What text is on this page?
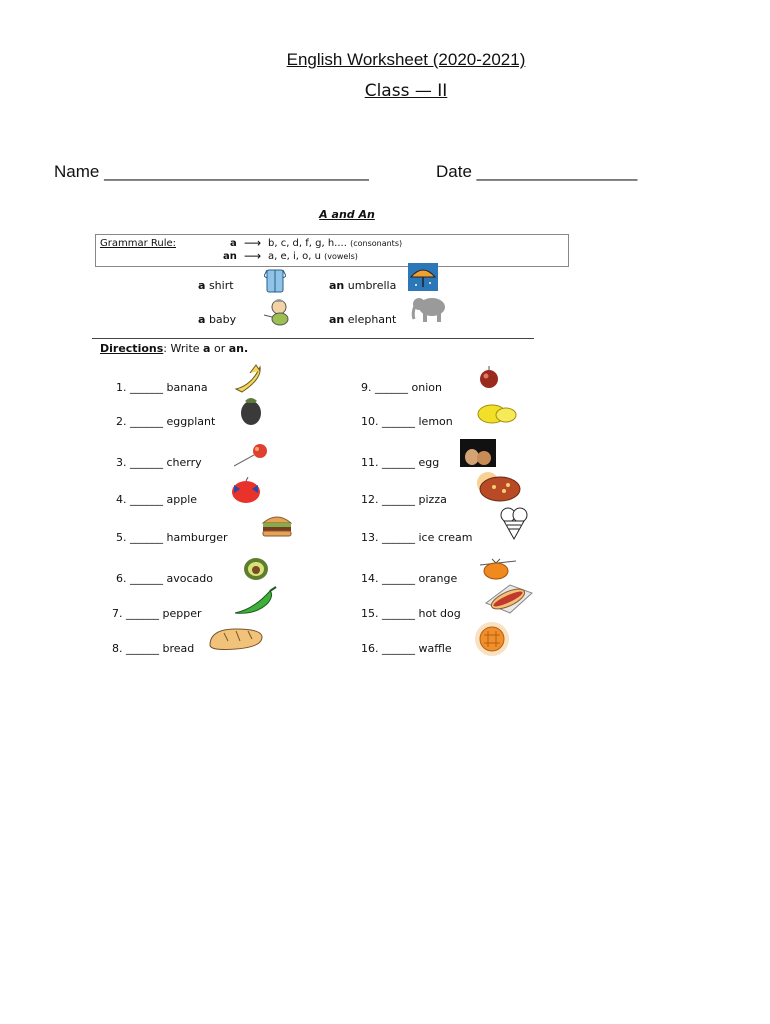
English Worksheet (2020-2021)
Class — II
Name ____________________________	Date _________________
A and An
Grammar Rule:	a ⟶ b, c, d, f, g, h.... (consonants)
an ⟶ a, e, i, o, u (vowels)
a shirt	an umbrella
a baby	an elephant
Directions: Write a or an.
1. ______ banana
2. ______ eggplant
3. ______ cherry
4. ______ apple
5. ______ hamburger
6. ______ avocado
7. ______ pepper
8. ______ bread
9. ______ onion
10. ______ lemon
11. ______ egg
12. ______ pizza
13. ______ ice cream
14. ______ orange
15. ______ hot dog
16. ______ waffle
